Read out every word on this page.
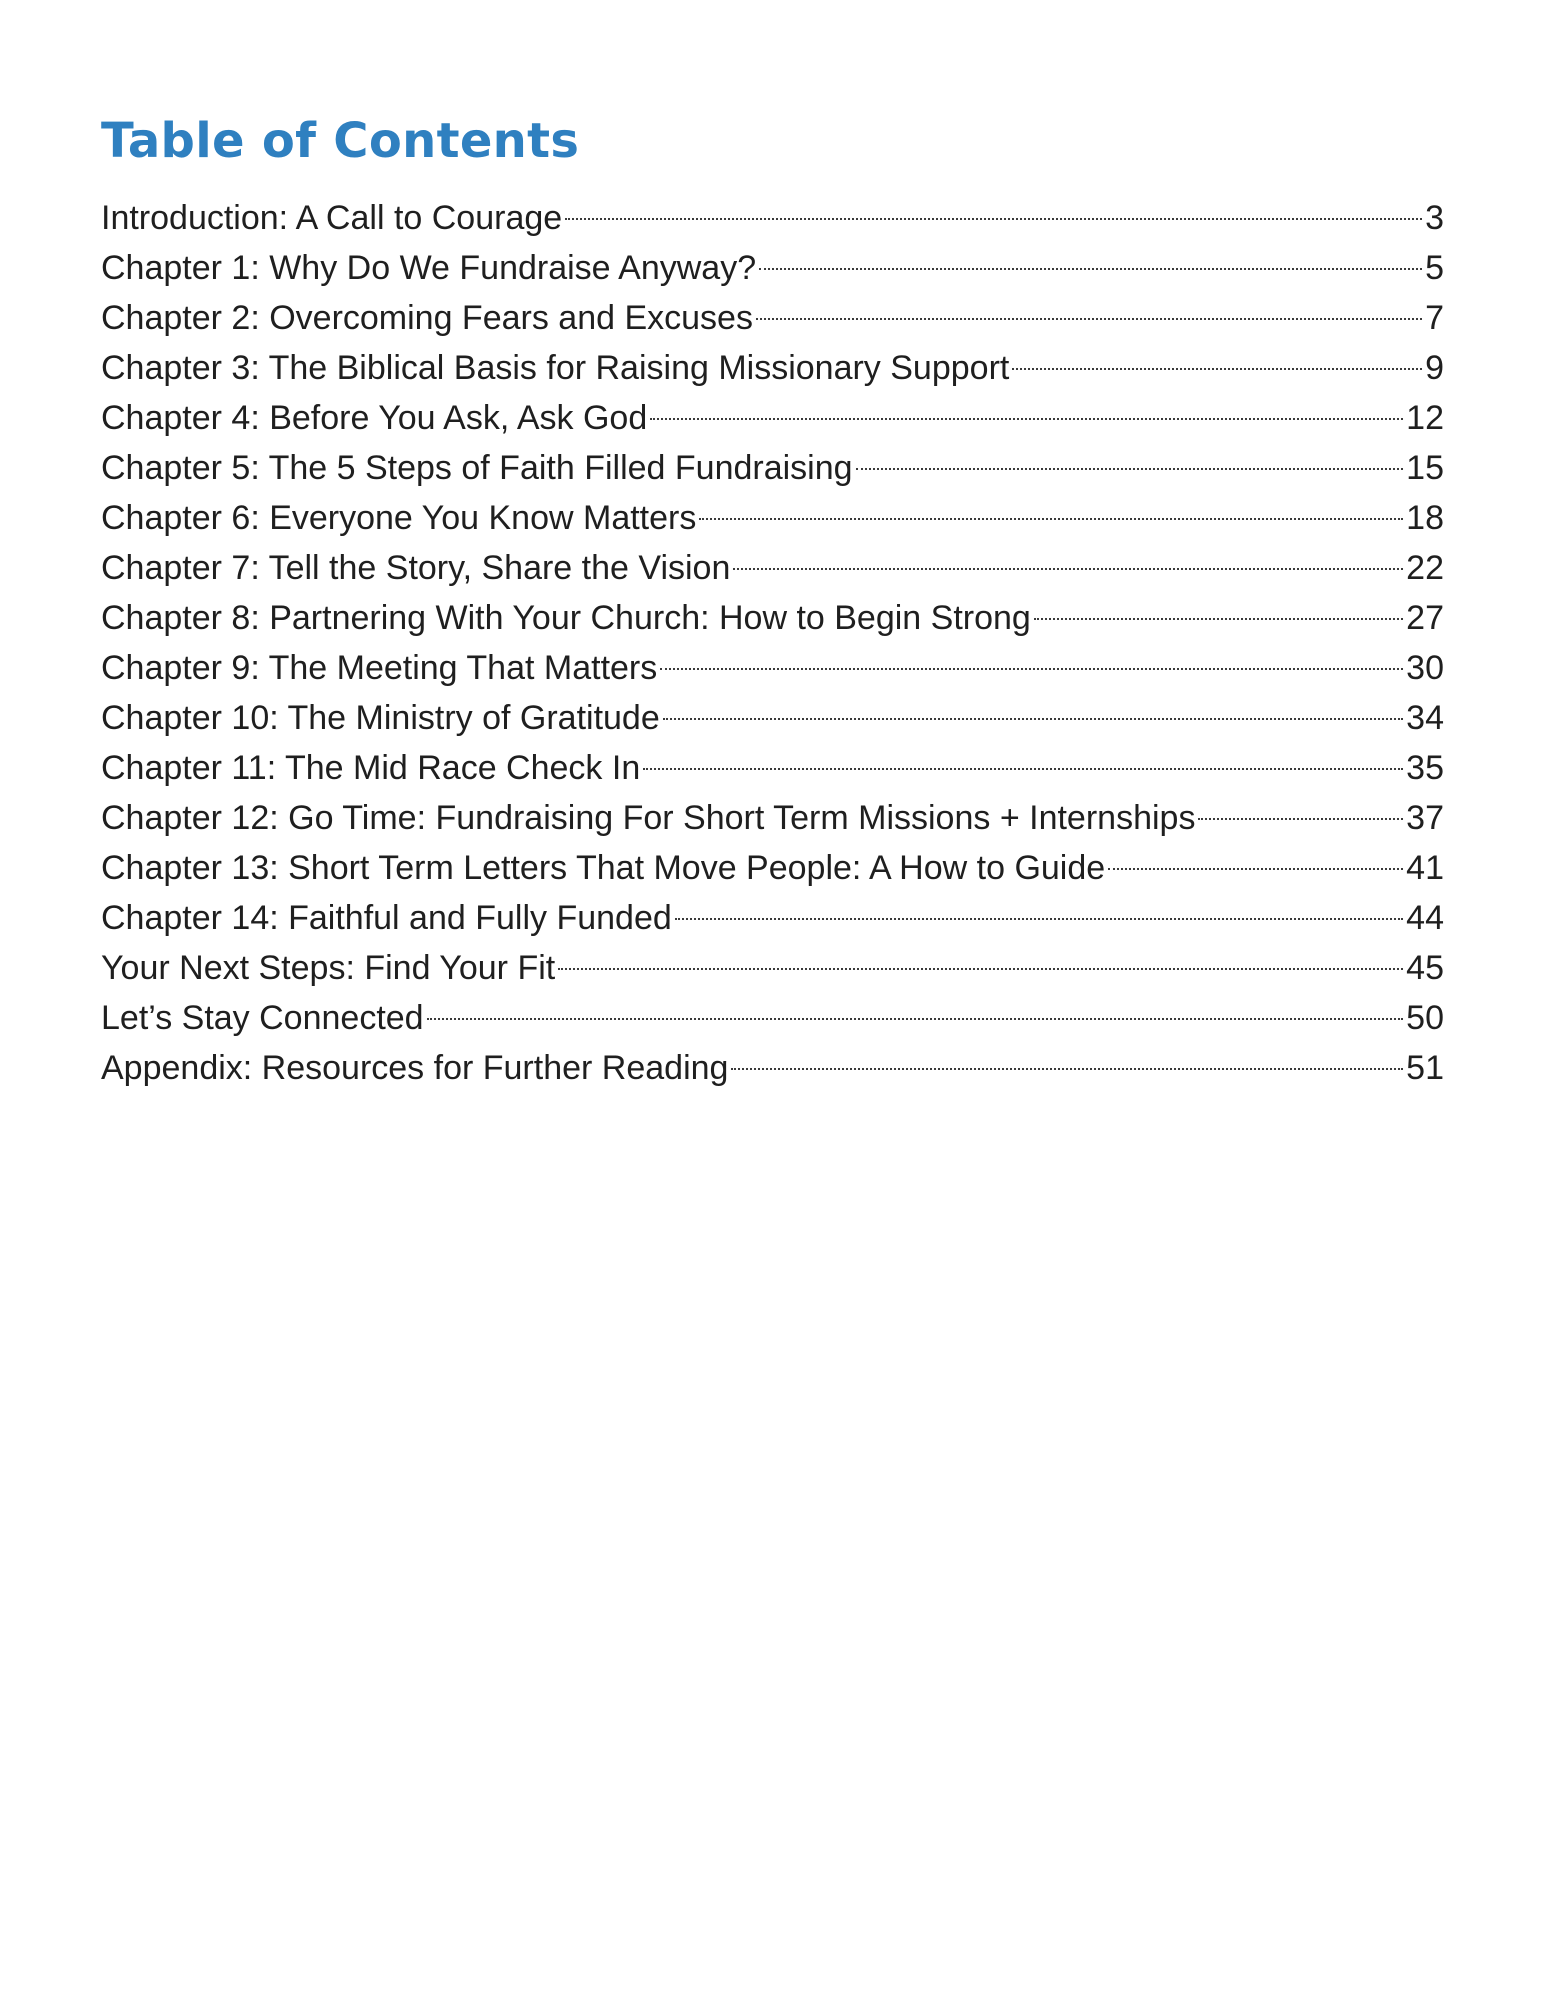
Table of Contents
Introduction: A Call to Courage	3
Chapter 1: Why Do We Fundraise Anyway?	5
Chapter 2: Overcoming Fears and Excuses	7
Chapter 3: The Biblical Basis for Raising Missionary Support	9
Chapter 4: Before You Ask, Ask God	12
Chapter 5: The 5 Steps of Faith Filled Fundraising	15
Chapter 6: Everyone You Know Matters	18
Chapter 7: Tell the Story, Share the Vision	22
Chapter 8: Partnering With Your Church: How to Begin Strong	27
Chapter 9: The Meeting That Matters	30
Chapter 10: The Ministry of Gratitude	34
Chapter 11: The Mid Race Check In	35
Chapter 12: Go Time: Fundraising For Short Term Missions + Internships	37
Chapter 13: Short Term Letters That Move People: A How to Guide	41
Chapter 14: Faithful and Fully Funded	44
Your Next Steps: Find Your Fit	45
Let’s Stay Connected	50
Appendix: Resources for Further Reading	51
